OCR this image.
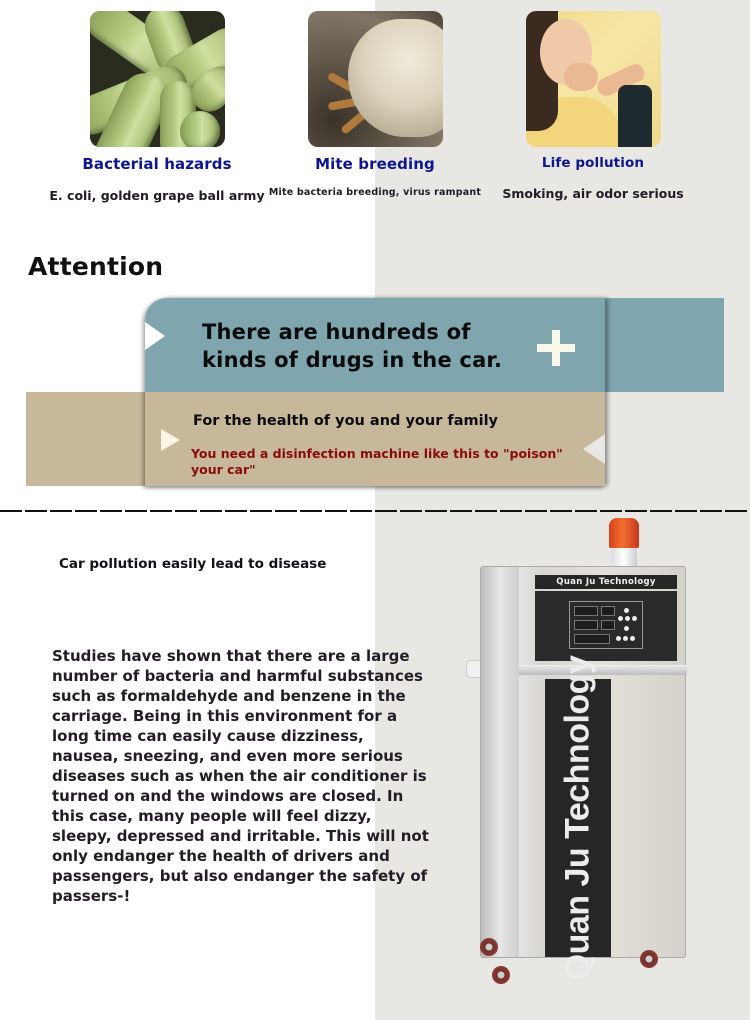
Bacterial hazards
E. coli, golden grape ball army
Mite breeding
Mite bacteria breeding, virus rampant
Life pollution
Smoking, air odor serious
Attention
There are hundreds of
kinds of drugs in the car.
For the health of you and your family
You need a disinfection machine like this to "poison" your car"
Car pollution easily lead to disease
Studies have shown that there are a large number of bacteria and harmful substances such as formaldehyde and benzene in the carriage. Being in this environment for a long time can easily cause dizziness, nausea, sneezing, and even more serious diseases such as when the air conditioner is turned on and the windows are closed. In this case, many people will feel dizzy, sleepy, depressed and irritable. This will not only endanger the health of drivers and passengers, but also endanger the safety of passers-!
Quan Ju Technology
Quan Ju Technology
